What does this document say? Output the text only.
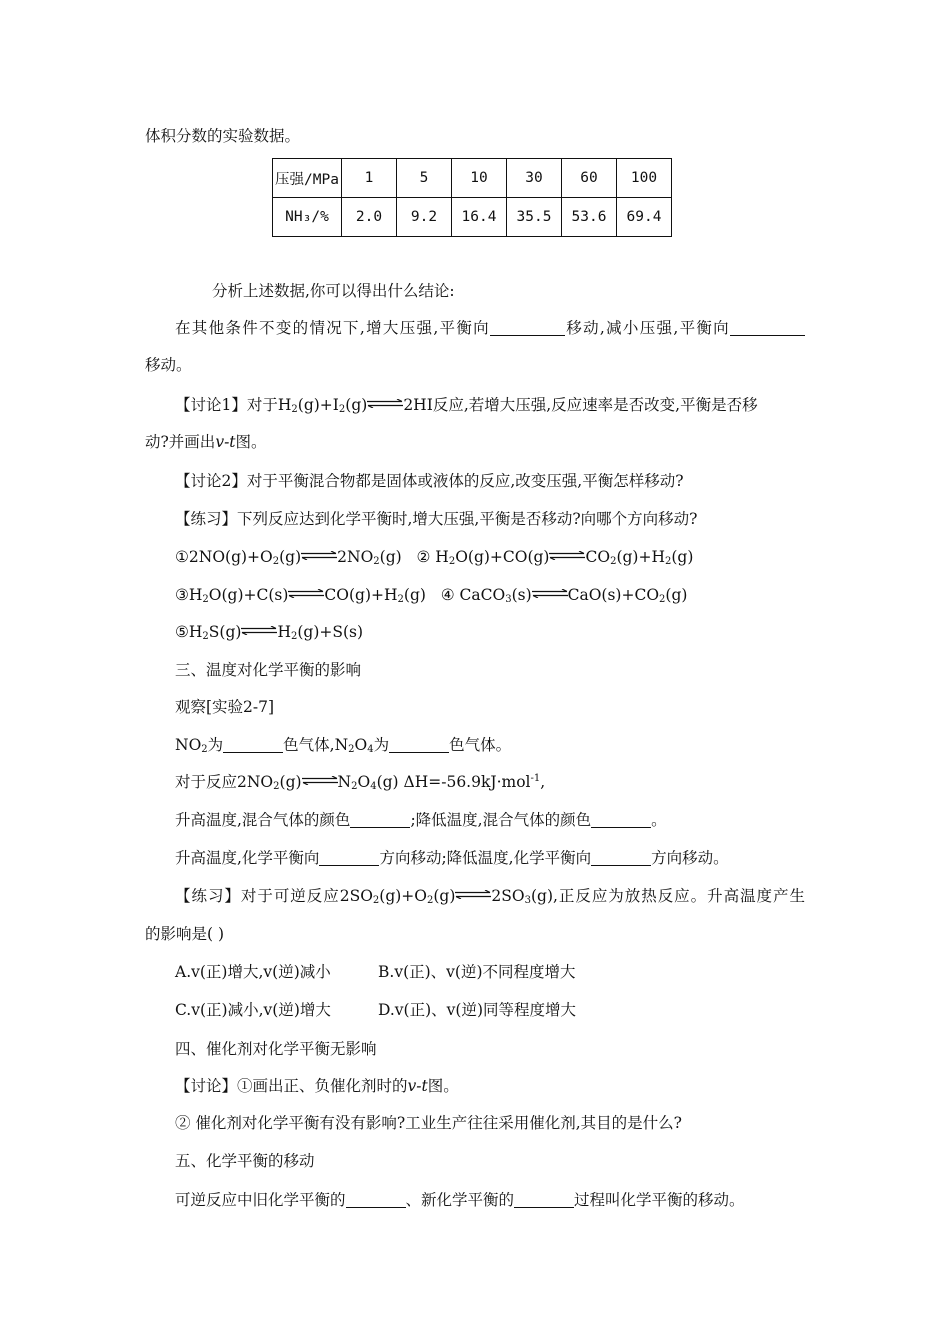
体积分数的实验数据。
压强/MPa	1	5	10	30	60	100
NH₃/%	2.0	9.2	16.4	35.5	53.6	69.4
分析上述数据,你可以得出什么结论:
在其他条件不变的情况下,增大压强,平衡向	移动,减小压强,平衡向
移动。
【讨论1】对于$H_2(g)+I_2(g)$ 2HI反应,若增大压强,反应速率是否改变,平衡是否移
动?并画出v-t图。
【讨论2】对于平衡混合物都是固体或液体的反应,改变压强,平衡怎样移动?
【练习】下列反应达到化学平衡时,增大压强,平衡是否移动?向哪个方向移动?
$①2NO(g)+O_2(g)$ $2NO_2(g)$   ② $H_2O(g)+CO(g)$ $CO_2(g)+H_2(g)$
$③H_2O(g)+C(s)$ $CO(g)+H_2(g)$   ④ CaCO$_3$(s) $CaO(s)+CO_2(g)$
$⑤H_2S(g)$ $H_2(g)+S(s)$
三、温度对化学平衡的影响
观察[实验2-7]
$NO_2$为	色气体$,N_2O_4$为	色气体。
对于反应$2NO_2(g)$ $N_2O_4(g)$ ΔH=-56.9kJ·mol$^{-1}$,
升高温度,混合气体的颜色	;降低温度,混合气体的颜色	。
升高温度,化学平衡向	方向移动;降低温度,化学平衡向	方向移动。
【练习】对于可逆反应$2SO_2(g)+O_2(g)$ $2SO_3(g)$,正反应为放热反应。升高温度产生
的影响是( )
A.v(正)增大,v(逆)减小	B.v(正)、v(逆)不同程度增大
C.v(正)减小,v(逆)增大	D.v(正)、v(逆)同等程度增大
四、催化剂对化学平衡无影响
【讨论】①画出正、负催化剂时的v-t图。
② 催化剂对化学平衡有没有影响?工业生产往往采用催化剂,其目的是什么?
五、化学平衡的移动
可逆反应中旧化学平衡的	、新化学平衡的	过程叫化学平衡的移动。
